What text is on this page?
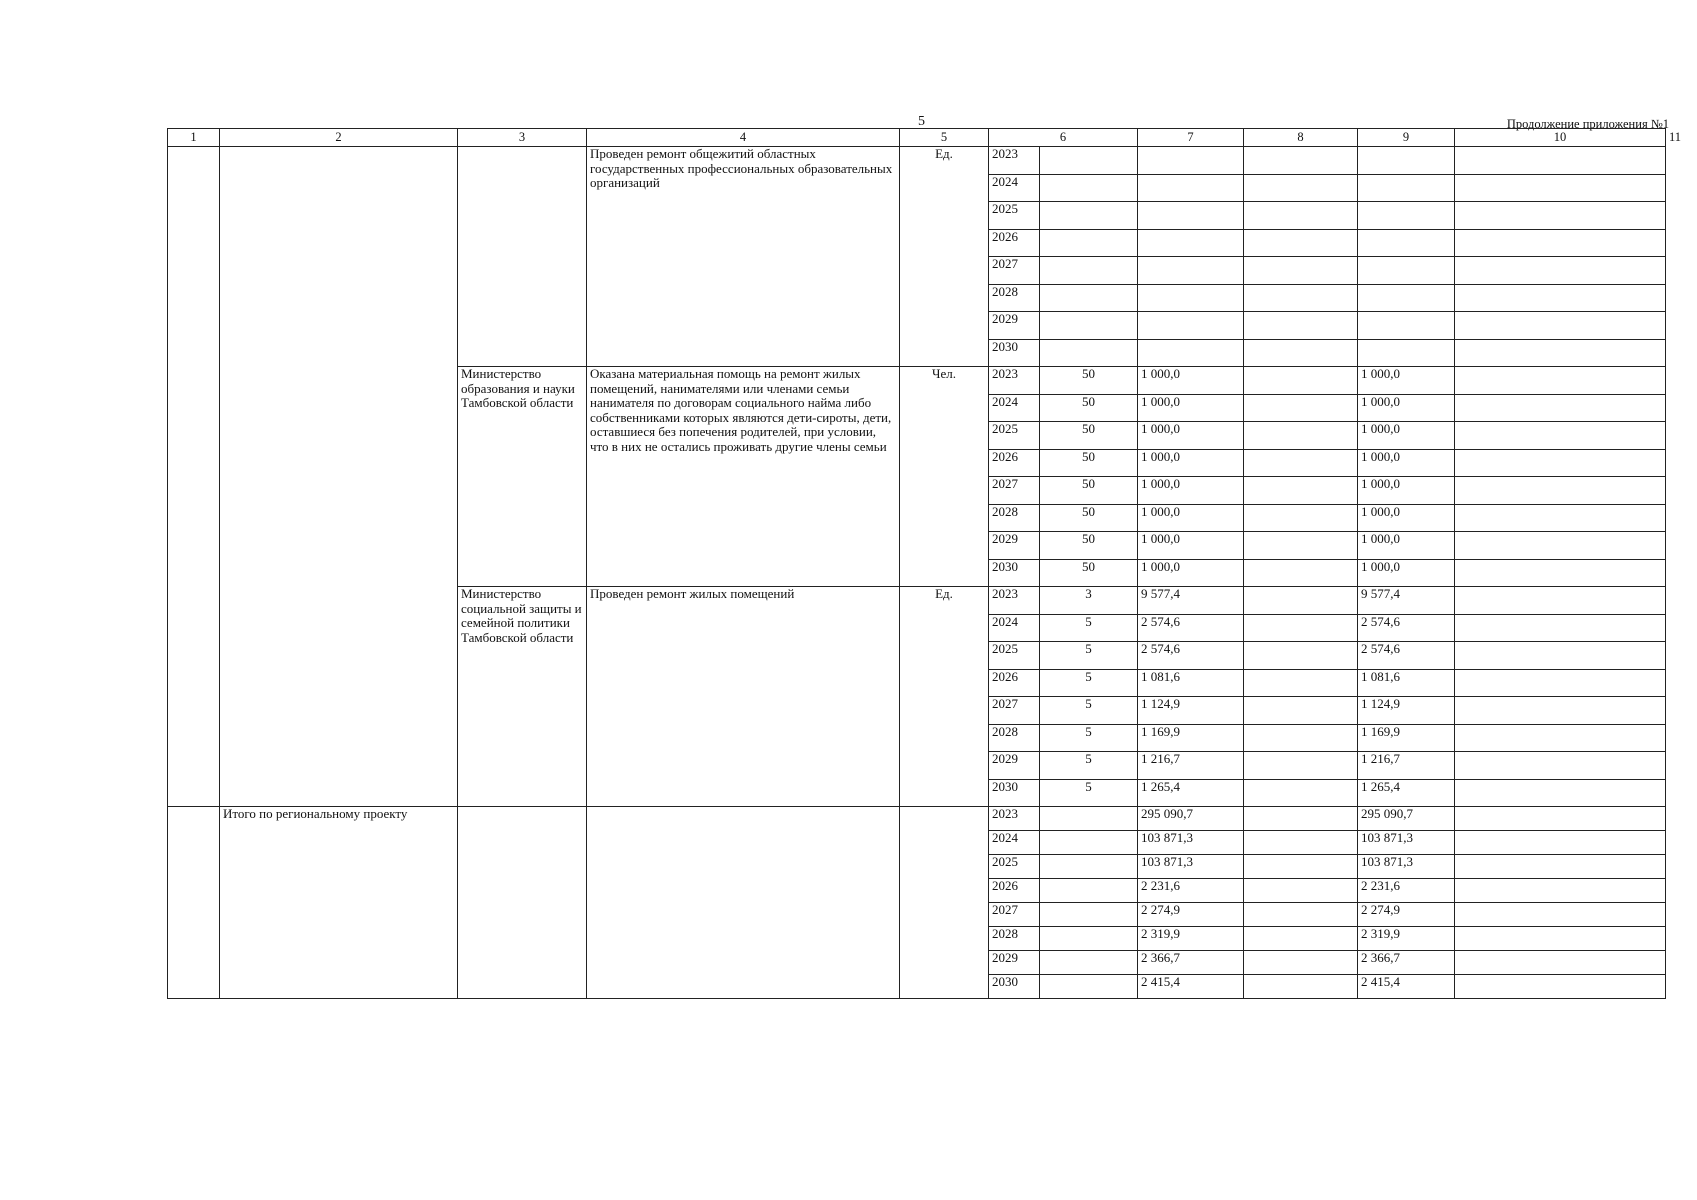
5	Продолжение приложения №1
1	2	3	4	5	6		7	8	9	10	11
			Проведен ремонт общежитий областных государственных профессиональных образовательных организаций	Ед.	2023						
					2024						
					2025						
					2026						
					2027						
					2028						
					2029						
					2030						
		Министерство образования и науки Тамбовской области	Оказана материальная помощь на ремонт жилых помещений, нанимателями или членами семьи нанимателя по договорам социального найма либо собственниками которых являются дети-сироты, дети, оставшиеся без попечения родителей, при условии, что в них не остались проживать другие члены семьи	Чел.	2023	50	1 000,0		1 000,0		
					2024	50	1 000,0		1 000,0		
					2025	50	1 000,0		1 000,0		
					2026	50	1 000,0		1 000,0		
					2027	50	1 000,0		1 000,0		
					2028	50	1 000,0		1 000,0		
					2029	50	1 000,0		1 000,0		
					2030	50	1 000,0		1 000,0		
		Министерство социальной защиты и семейной политики Тамбовской области	Проведен ремонт жилых помещений	Ед.	2023	3	9 577,4		9 577,4		
					2024	5	2 574,6		2 574,6		
					2025	5	2 574,6		2 574,6		
					2026	5	1 081,6		1 081,6		
					2027	5	1 124,9		1 124,9		
					2028	5	1 169,9		1 169,9		
					2029	5	1 216,7		1 216,7		
					2030	5	1 265,4		1 265,4		
	Итого по региональному проекту				2023		295 090,7		295 090,7		
					2024		103 871,3		103 871,3		
					2025		103 871,3		103 871,3		
					2026		2 231,6		2 231,6		
					2027		2 274,9		2 274,9		
					2028		2 319,9		2 319,9		
					2029		2 366,7		2 366,7		
					2030		2 415,4		2 415,4		
